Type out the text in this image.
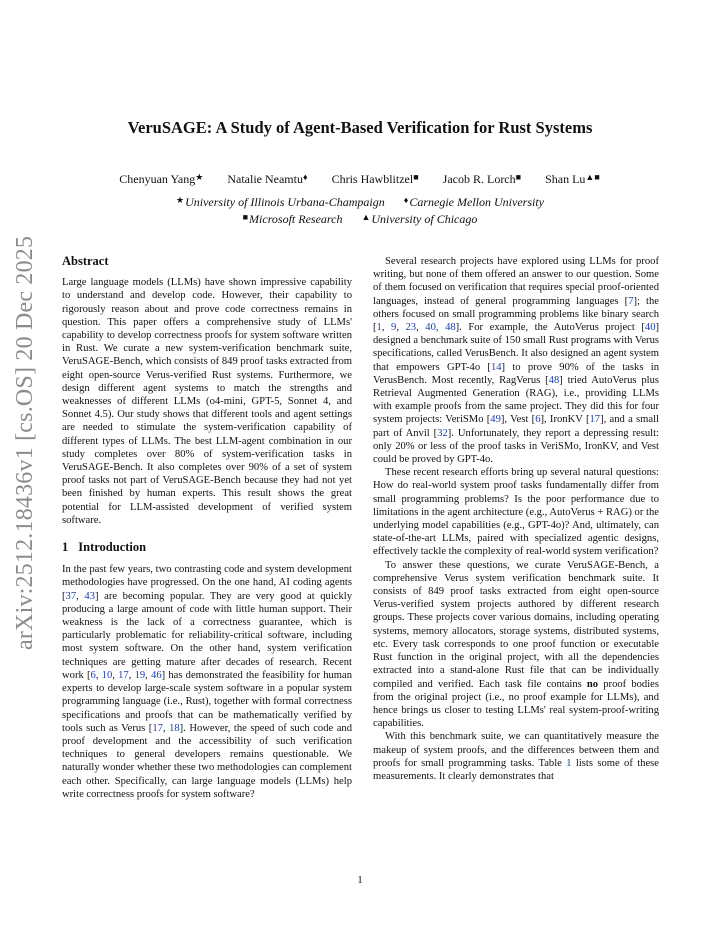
arXiv:2512.18436v1 [cs.OS] 20 Dec 2025
VeruSAGE: A Study of Agent-Based Verification for Rust Systems
Chenyuan Yang★ Natalie Neamtu♦ Chris Hawblitzel■ Jacob R. Lorch■ Shan Lu▲■
★University of Illinois Urbana-Champaign ♦Carnegie Mellon University
■Microsoft Research ▲University of Chicago
Abstract

Large language models (LLMs) have shown impressive capability to understand and develop code. However, their capability to rigorously reason about and prove code correctness remains in question. This paper offers a comprehensive study of LLMs' capability to develop correctness proofs for system software written in Rust. We curate a new system-verification benchmark suite, VeruSAGE-Bench, which consists of 849 proof tasks extracted from eight open-source Verus-verified Rust systems. Furthermore, we design different agent systems to match the strengths and weaknesses of different LLMs (o4-mini, GPT-5, Sonnet 4, and Sonnet 4.5). Our study shows that different tools and agent settings are needed to stimulate the system-verification capability of different types of LLMs. The best LLM-agent combination in our study completes over 80% of system-verification tasks in VeruSAGE-Bench. It also completes over 90% of a set of system proof tasks not part of VeruSAGE-Bench because they had not yet been finished by human experts. This result shows the great potential for LLM-assisted development of verified system software.

1 Introduction

In the past few years, two contrasting code and system development methodologies have progressed. On the one hand, AI coding agents [37, 43] are becoming popular. They are very good at quickly producing a large amount of code with little human support. Their weakness is the lack of a correctness guarantee, which is particularly problematic for reliability-critical software, including most system software. On the other hand, system verification techniques are getting mature after decades of research. Recent work [6, 10, 17, 19, 46] has demonstrated the feasibility for human experts to develop large-scale system software in a popular system programming language (i.e., Rust), together with formal correctness specifications and proofs that can be mathematically verified by tools such as Verus [17, 18]. However, the speed of such code and proof development and the accessibility of such verification techniques to general developers remains questionable. We naturally wonder whether these two methodologies can complement each other. Specifically, can large language models (LLMs) help write correctness proofs for system software?

Several research projects have explored using LLMs for proof writing, but none of them offered an answer to our question. Some of them focused on verification that requires special proof-oriented languages, instead of general programming languages [7]; the others focused on small programming problems like binary search [1, 9, 23, 40, 48]. For example, the AutoVerus project [40] designed a benchmark suite of 150 small Rust programs with Verus specifications, called VerusBench. It also designed an agent system that empowers GPT-4o [14] to prove 90% of the tasks in VerusBench. Most recently, RagVerus [48] tried AutoVerus plus Retrieval Augmented Generation (RAG), i.e., providing LLMs with example proofs from the same project. They did this for four system projects: VeriSMo [49], Vest [6], IronKV [17], and a small part of Anvil [32]. Unfortunately, they report a depressing result: only 20% or less of the proof tasks in VeriSMo, IronKV, and Vest could be proved by GPT-4o.

These recent research efforts bring up several natural questions: How do real-world system proof tasks fundamentally differ from small programming problems? Is the poor performance due to limitations in the agent architecture (e.g., AutoVerus + RAG) or the underlying model capabilities (e.g., GPT-4o)? And, ultimately, can state-of-the-art LLMs, paired with specialized agentic designs, effectively tackle the complexity of real-world system verification?

To answer these questions, we curate VeruSAGE-Bench, a comprehensive Verus system verification benchmark suite. It consists of 849 proof tasks extracted from eight open-source Verus-verified system projects authored by different research groups. These projects cover various domains, including operating systems, memory allocators, storage systems, distributed systems, etc. Every task corresponds to one proof function or executable Rust function in the original project, with all the dependencies extracted into a stand-alone Rust file that can be individually compiled and verified. Each task file contains no proof bodies from the original project (i.e., no proof example for LLMs), and hence brings us closer to testing LLMs' real system-proof-writing capabilities.

With this benchmark suite, we can quantitatively measure the makeup of system proofs, and the differences between them and proofs for small programming tasks. Table 1 lists some of these measurements. It clearly demonstrates that

1
